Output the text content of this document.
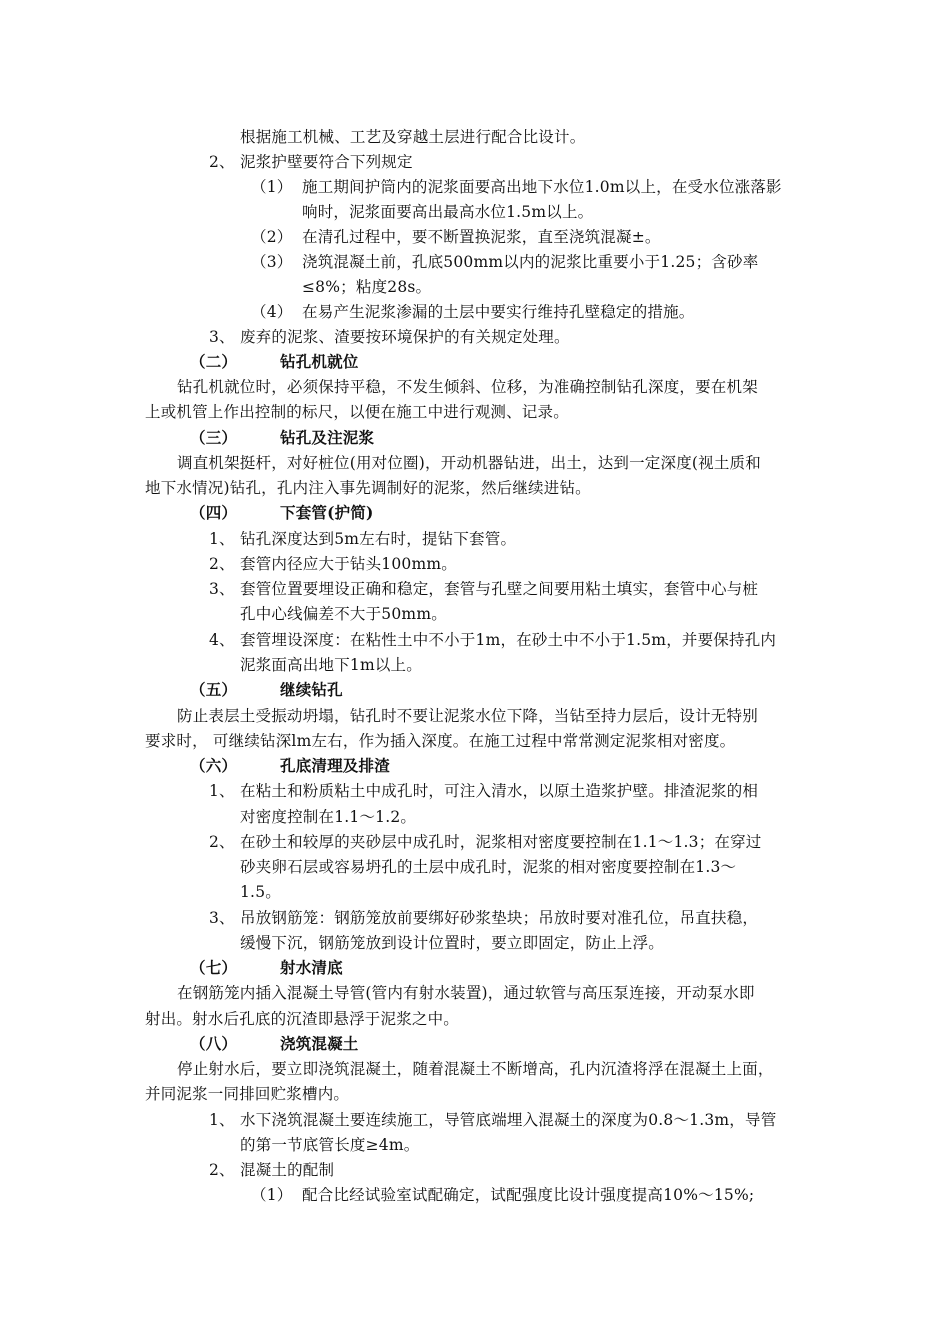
根据施工机械、工艺及穿越土层进行配合比设计。
2、 泥浆护壁要符合下列规定
（1） 施工期间护筒内的泥浆面要高出地下水位1.0m以上，在受水位涨落影
响时，泥浆面要高出最高水位1.5m以上。
（2） 在清孔过程中，要不断置换泥浆，直至浇筑混凝±。
（3） 浇筑混凝土前，孔底500mm以内的泥浆比重要小于1.25；含砂率
≤8%；粘度28s。
（4） 在易产生泥浆渗漏的土层中要实行维持孔壁稳定的措施。
3、 废弃的泥浆、渣要按环境保护的有关规定处理。
（二）	钻孔机就位
钻孔机就位时，必须保持平稳，不发生倾斜、位移，为准确控制钻孔深度，要在机架
上或机管上作出控制的标尺，以便在施工中进行观测、记录。
（三）	钻孔及注泥浆
调直机架挺杆，对好桩位(用对位圈)，开动机器钻进，出土，达到一定深度(视土质和
地下水情况)钻孔，孔内注入事先调制好的泥浆，然后继续进钻。
（四）	下套管(护简)
1、 钻孔深度达到5m左右时，提钻下套管。
2、 套管内径应大于钻头100mm。
3、 套管位置要埋设正确和稳定，套管与孔壁之间要用粘土填实，套管中心与桩
孔中心线偏差不大于50mm。
4、 套管埋设深度：在粘性土中不小于1m，在砂土中不小于1.5m，并要保持孔内
泥浆面高出地下1m以上。
（五）	继续钻孔
防止表层土受振动坍塌，钻孔时不要让泥浆水位下降，当钻至持力层后，设计无特别
要求时， 可继续钻深lm左右，作为插入深度。在施工过程中常常测定泥浆相对密度。
（六）	孔底清理及排渣
1、 在粘土和粉质粘土中成孔时，可注入清水，以原土造浆护壁。排渣泥浆的相
对密度控制在1.1～1.2。
2、 在砂土和较厚的夹砂层中成孔时，泥浆相对密度要控制在1.1～1.3；在穿过
砂夹卵石层或容易坍孔的土层中成孔时，泥浆的相对密度要控制在1.3～
1.5。
3、 吊放钢筋笼：钢筋笼放前要绑好砂浆垫块；吊放时要对准孔位，吊直扶稳，
缓慢下沉，钢筋笼放到设计位置时，要立即固定，防止上浮。
（七）	射水清底
在钢筋笼内插入混凝土导管(管内有射水装置)，通过软管与高压泵连接，开动泵水即
射出。射水后孔底的沉渣即悬浮于泥浆之中。
（八）	浇筑混凝土
停止射水后，要立即浇筑混凝土，随着混凝土不断增高，孔内沉渣将浮在混凝土上面，
并同泥浆一同排回贮浆槽内。
1、 水下浇筑混凝土要连续施工，导管底端埋入混凝土的深度为0.8～1.3m，导管
的第一节底管长度≥4m。
2、 混凝土的配制
（1） 配合比经试验室试配确定，试配强度比设计强度提高10%～15%;
